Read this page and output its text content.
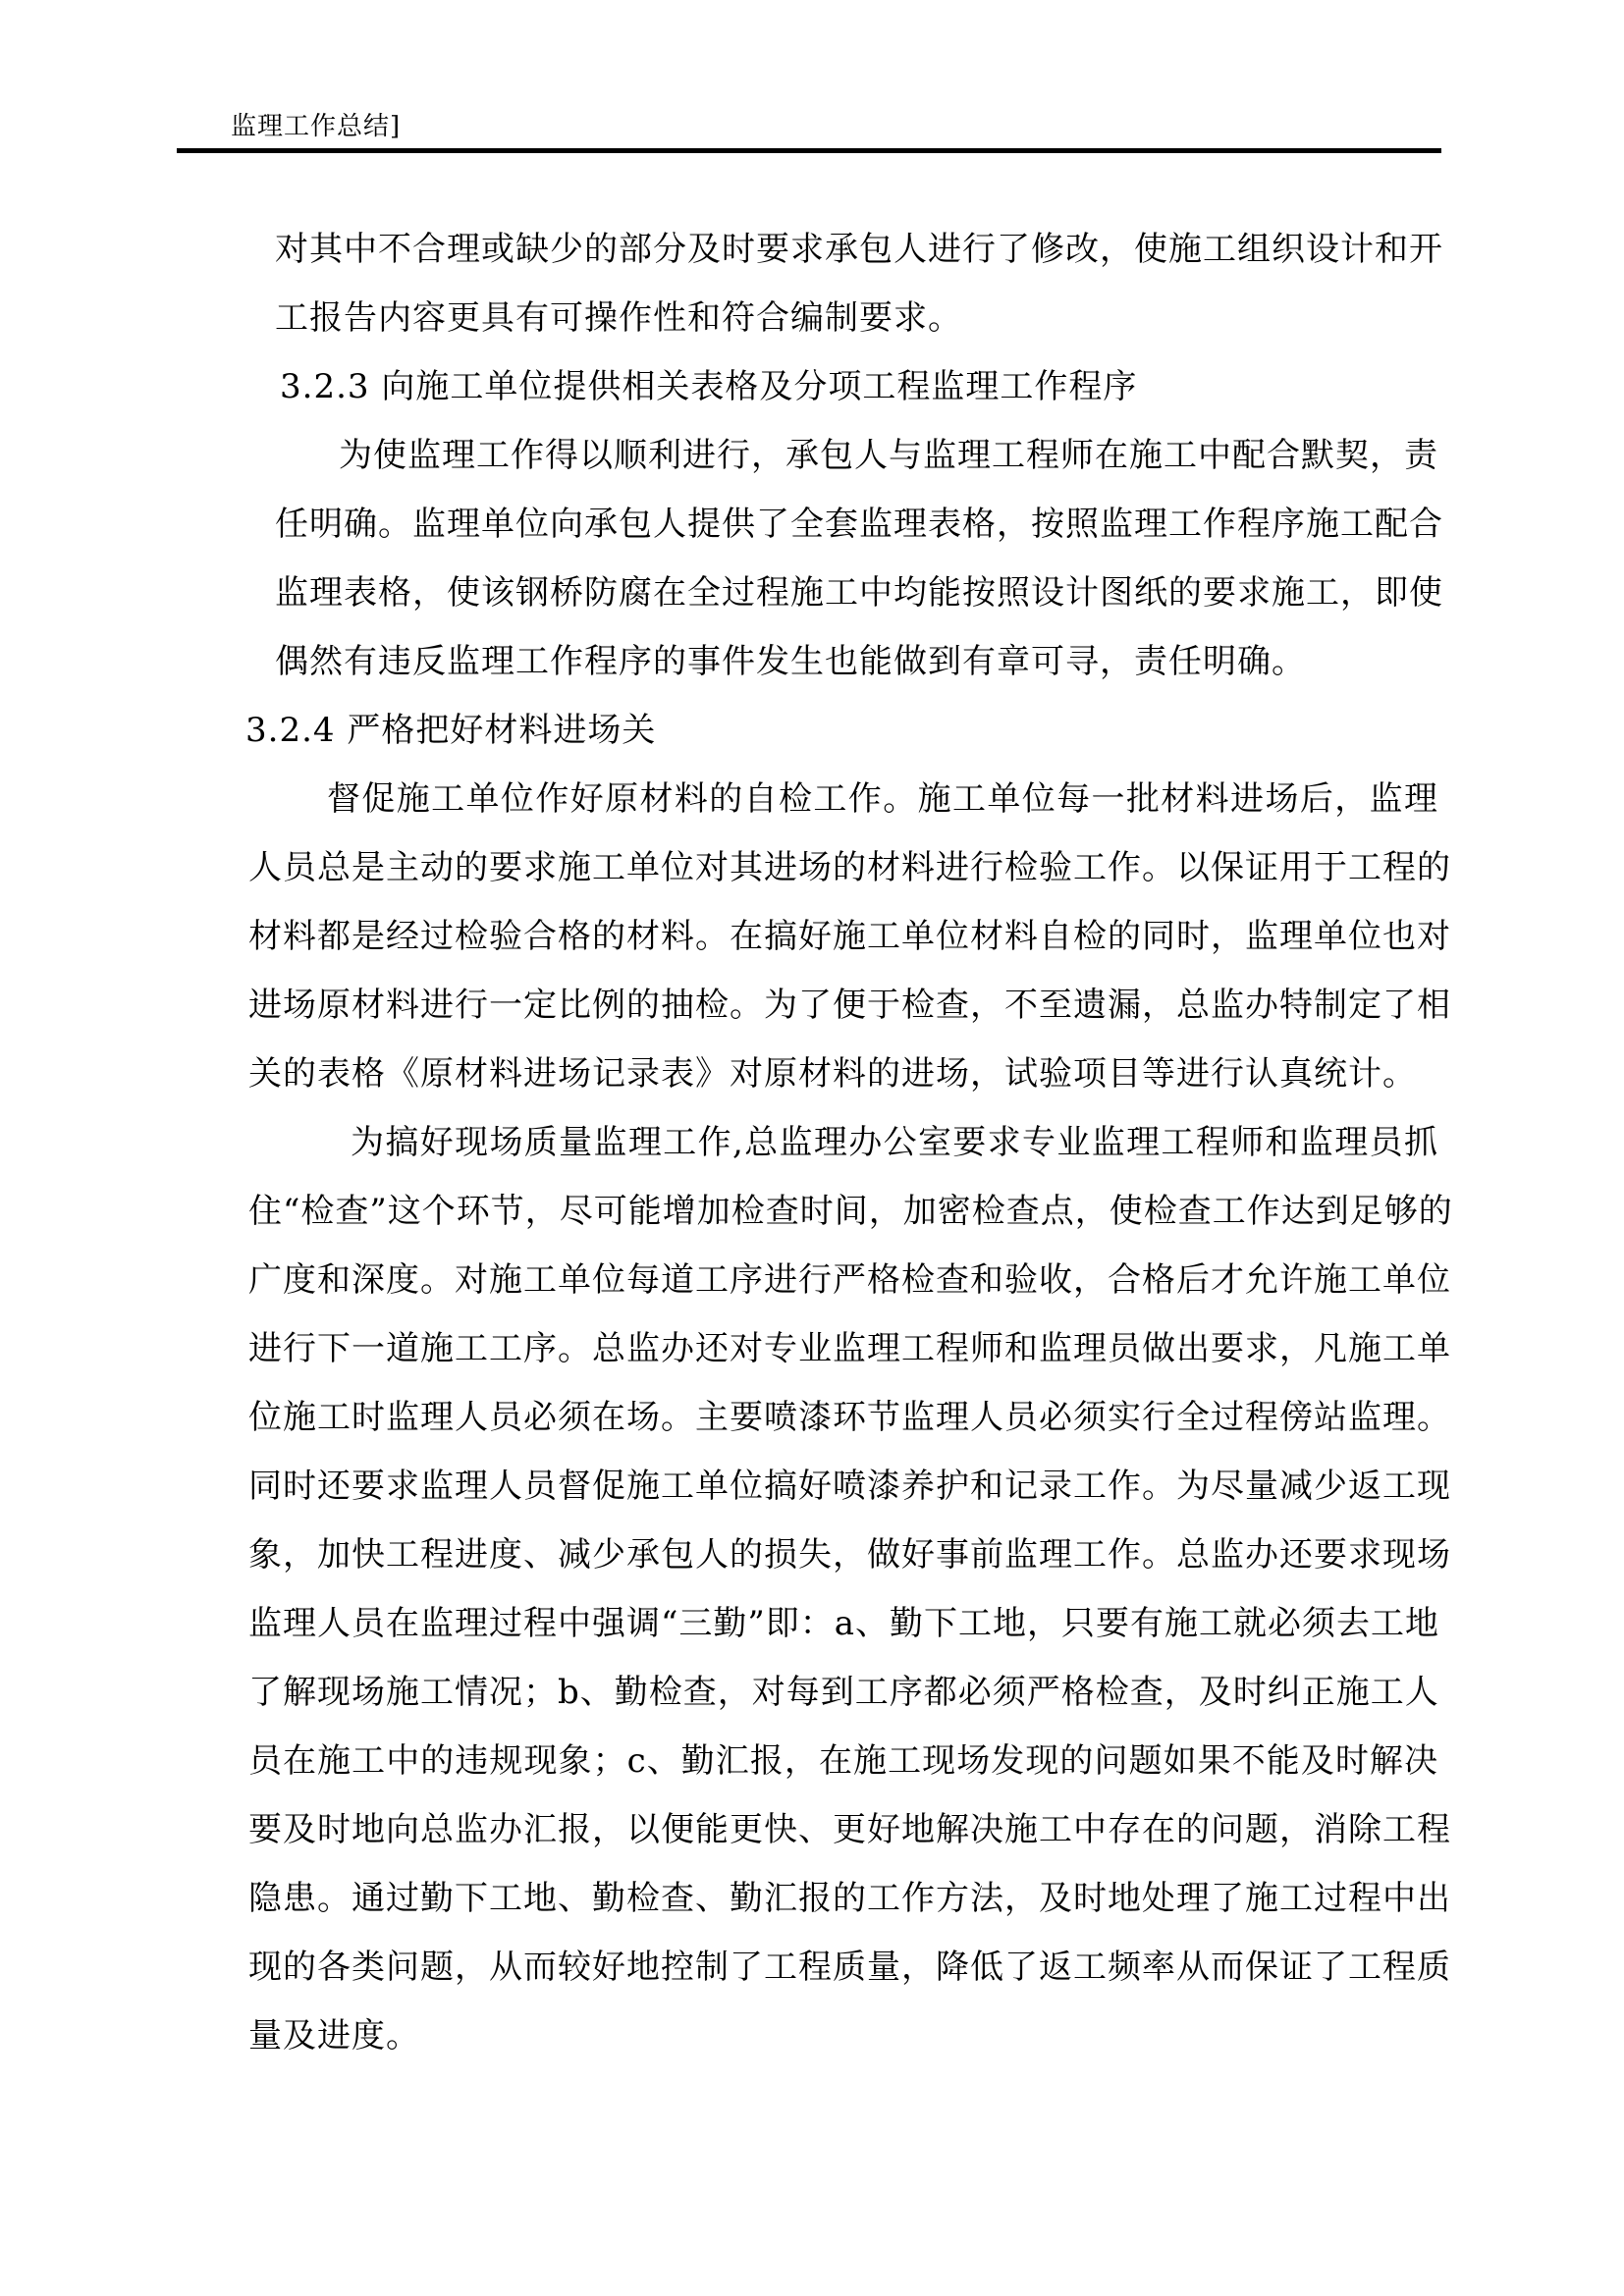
监理工作总结]
对其中不合理或缺少的部分及时要求承包人进行了修改，使施工组织设计和开
工报告内容更具有可操作性和符合编制要求。
3.2.3 向施工单位提供相关表格及分项工程监理工作程序
为使监理工作得以顺利进行，承包人与监理工程师在施工中配合默契，责
任明确。监理单位向承包人提供了全套监理表格，按照监理工作程序施工配合
监理表格，使该钢桥防腐在全过程施工中均能按照设计图纸的要求施工，即使
偶然有违反监理工作程序的事件发生也能做到有章可寻，责任明确。
3.2.4 严格把好材料进场关
督促施工单位作好原材料的自检工作。施工单位每一批材料进场后，监理
人员总是主动的要求施工单位对其进场的材料进行检验工作。以保证用于工程的
材料都是经过检验合格的材料。在搞好施工单位材料自检的同时，监理单位也对
进场原材料进行一定比例的抽检。为了便于检查，不至遗漏，总监办特制定了相
关的表格《原材料进场记录表》对原材料的进场，试验项目等进行认真统计。
为搞好现场质量监理工作,总监理办公室要求专业监理工程师和监理员抓
住“检查”这个环节，尽可能增加检查时间，加密检查点，使检查工作达到足够的
广度和深度。对施工单位每道工序进行严格检查和验收，合格后才允许施工单位
进行下一道施工工序。总监办还对专业监理工程师和监理员做出要求，凡施工单
位施工时监理人员必须在场。主要喷漆环节监理人员必须实行全过程傍站监理。
同时还要求监理人员督促施工单位搞好喷漆养护和记录工作。为尽量减少返工现
象，加快工程进度、减少承包人的损失，做好事前监理工作。总监办还要求现场
监理人员在监理过程中强调“三勤”即：a、勤下工地，只要有施工就必须去工地
了解现场施工情况；b、勤检查，对每到工序都必须严格检查，及时纠正施工人
员在施工中的违规现象；c、勤汇报，在施工现场发现的问题如果不能及时解决
要及时地向总监办汇报，以便能更快、更好地解决施工中存在的问题，消除工程
隐患。通过勤下工地、勤检查、勤汇报的工作方法，及时地处理了施工过程中出
现的各类问题，从而较好地控制了工程质量，降低了返工频率从而保证了工程质
量及进度。
